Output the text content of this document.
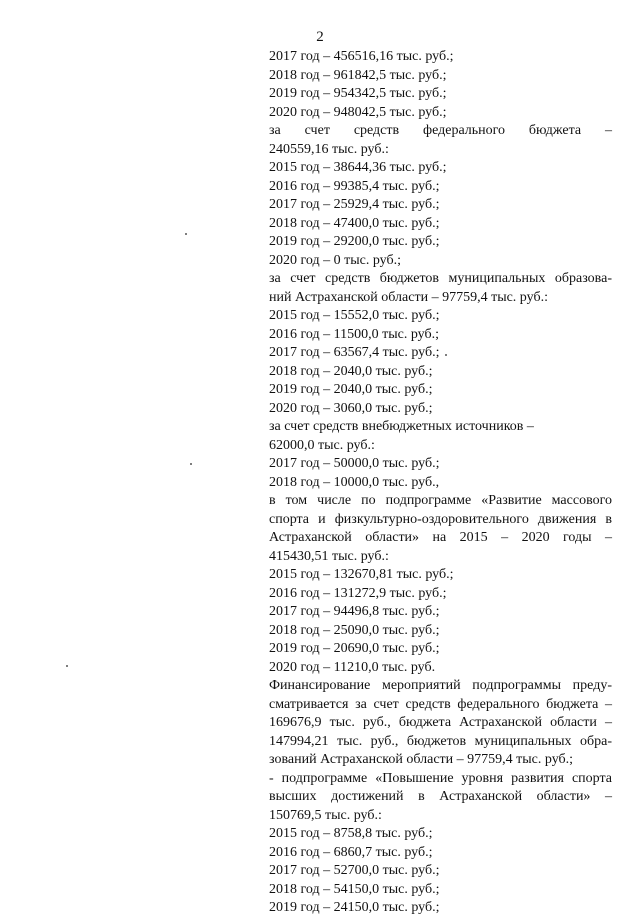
2
2017 год – 456516,16 тыс. руб.;
2018 год – 961842,5 тыс. руб.;
2019 год – 954342,5 тыс. руб.;
2020 год – 948042,5 тыс. руб.;
за счет средств федерального бюджета –
240559,16 тыс. руб.:
2015 год – 38644,36 тыс. руб.;
2016 год – 99385,4 тыс. руб.;
2017 год – 25929,4 тыс. руб.;
2018 год – 47400,0 тыс. руб.;
2019 год – 29200,0 тыс. руб.;
2020 год – 0 тыс. руб.;
за счет средств бюджетов муниципальных образова-
ний Астраханской области – 97759,4 тыс. руб.:
2015 год – 15552,0 тыс. руб.;
2016 год – 11500,0 тыс. руб.;
2017 год – 63567,4 тыс. руб.;
2018 год – 2040,0 тыс. руб.;
2019 год – 2040,0 тыс. руб.;
2020 год – 3060,0 тыс. руб.;
за счет средств внебюджетных источников –
62000,0 тыс. руб.:
2017 год – 50000,0 тыс. руб.;
2018 год – 10000,0 тыс. руб.,
в том числе по подпрограмме «Развитие массового
спорта и физкультурно-оздоровительного движения в
Астраханской области» на 2015 – 2020 годы –
415430,51 тыс. руб.:
2015 год – 132670,81 тыс. руб.;
2016 год – 131272,9 тыс. руб.;
2017 год – 94496,8 тыс. руб.;
2018 год – 25090,0 тыс. руб.;
2019 год – 20690,0 тыс. руб.;
2020 год – 11210,0 тыс. руб.
Финансирование мероприятий подпрограммы преду-
сматривается за счет средств федерального бюджета –
169676,9 тыс. руб., бюджета Астраханской области –
147994,21 тыс. руб., бюджетов муниципальных обра-
зований Астраханской области – 97759,4 тыс. руб.;
- подпрограмме «Повышение уровня развития спорта
высших достижений в Астраханской области» –
150769,5 тыс. руб.:
2015 год – 8758,8 тыс. руб.;
2016 год – 6860,7 тыс. руб.;
2017 год – 52700,0 тыс. руб.;
2018 год – 54150,0 тыс. руб.;
2019 год – 24150,0 тыс. руб.;
